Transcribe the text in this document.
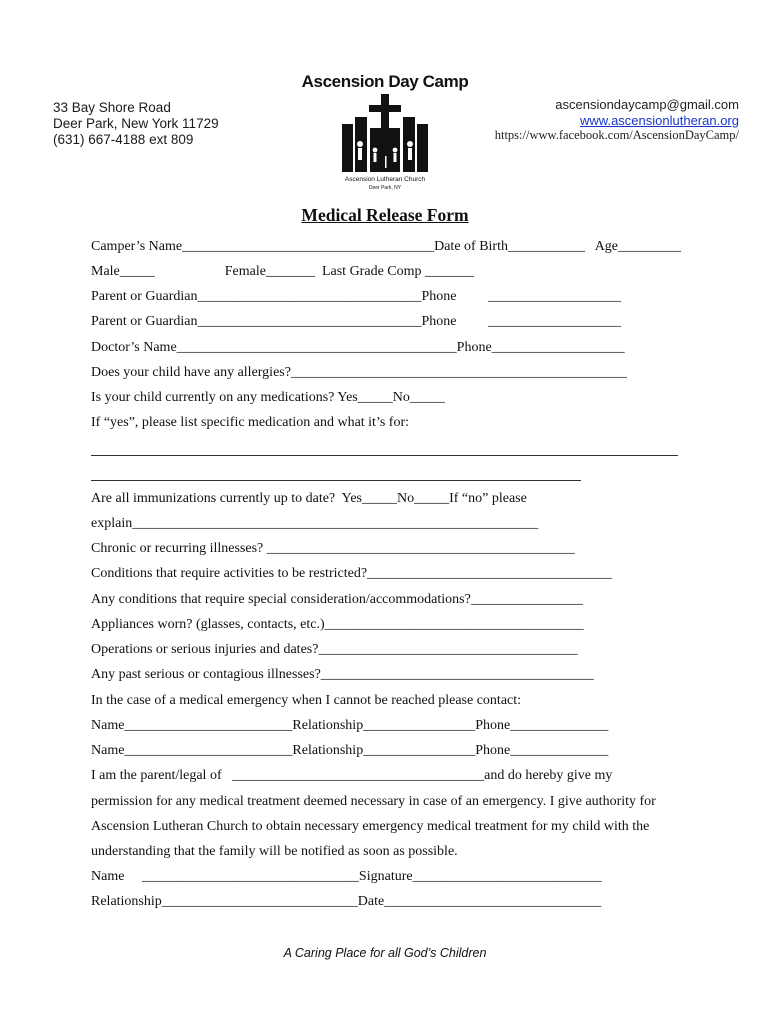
33 Bay Shore Road
Deer Park, New York 11729
(631) 667-4188 ext 809
Ascension Day Camp
Ascension Lutheran Church
Deer Park, NY
ascensiondaycamp@gmail.com
www.ascensionlutheran.org
https://www.facebook.com/AscensionDayCamp/
Medical Release Form
Camper’s Name____________________________________Date of Birth___________   Age_________
Male_____                    Female_______  Last Grade Comp _______
Parent or Guardian________________________________Phone         ___________________
Parent or Guardian________________________________Phone         ___________________
Doctor’s Name________________________________________Phone___________________
Does your child have any allergies?________________________________________________
Is your child currently on any medications? Yes_____No_____
If “yes”, please list specific medication and what it’s for:
Are all immunizations currently up to date?  Yes_____No_____If “no” please
explain__________________________________________________________
Chronic or recurring illnesses? ____________________________________________
Conditions that require activities to be restricted?___________________________________
Any conditions that require special consideration/accommodations?________________
Appliances worn? (glasses, contacts, etc.)_____________________________________
Operations or serious injuries and dates?_____________________________________
Any past serious or contagious illnesses?_______________________________________
In the case of a medical emergency when I cannot be reached please contact:
Name________________________Relationship________________Phone______________
Name________________________Relationship________________Phone______________
I am the parent/legal of   ____________________________________and do hereby give my
permission for any medical treatment deemed necessary in case of an emergency. I give authority for
Ascension Lutheran Church to obtain necessary emergency medical treatment for my child with the
understanding that the family will be notified as soon as possible.
Name     _______________________________Signature___________________________
Relationship____________________________Date_______________________________
A Caring Place for all God’s Children
